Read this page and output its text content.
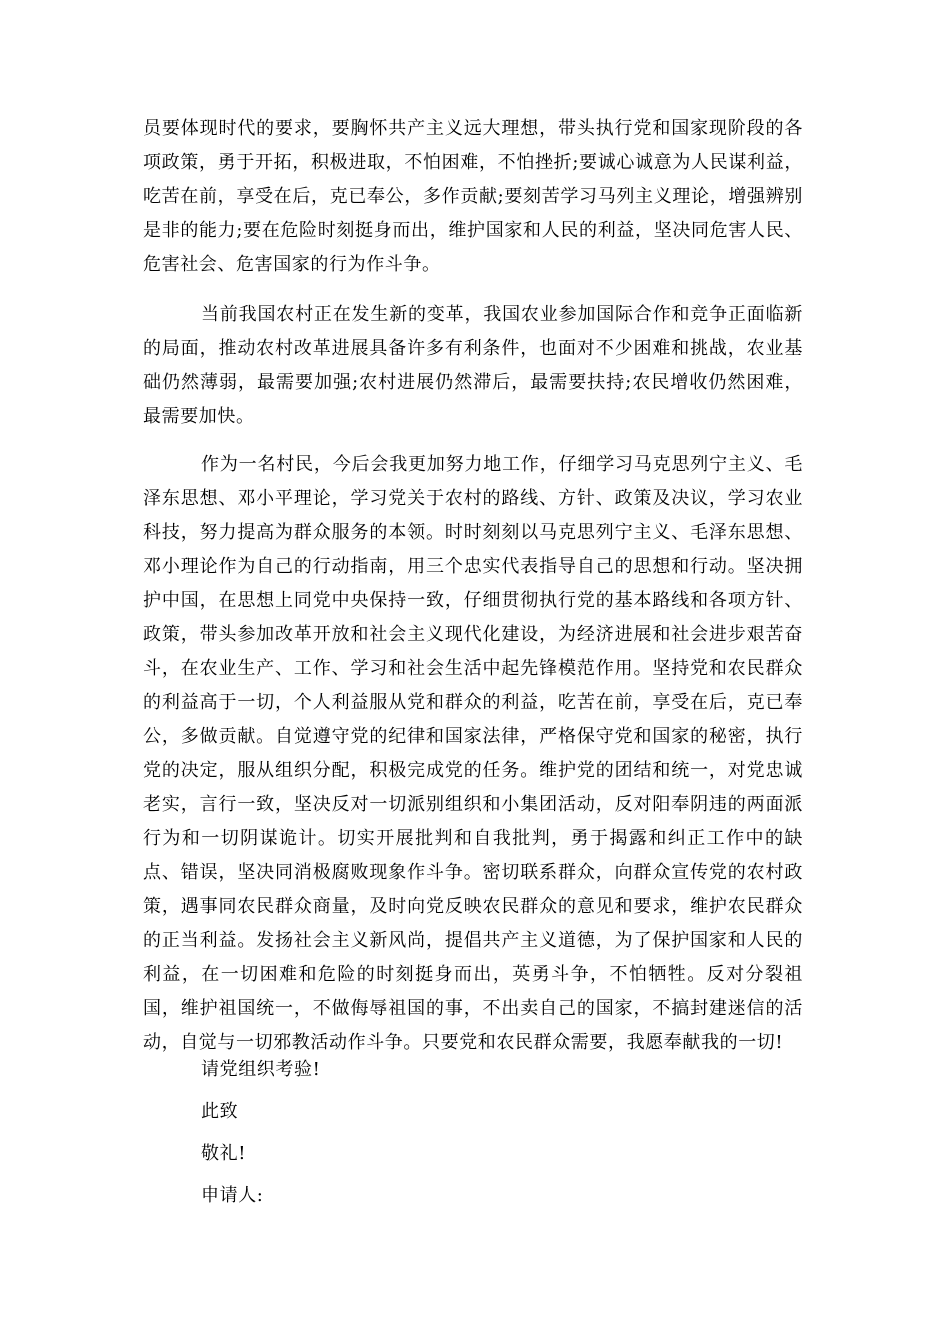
员要体现时代的要求，要胸怀共产主义远大理想，带头执行党和国家现阶段的各项政策，勇于开拓，积极进取，不怕困难，不怕挫折;要诚心诚意为人民谋利益，吃苦在前，享受在后，克已奉公，多作贡献;要刻苦学习马列主义理论，增强辨别是非的能力;要在危险时刻挺身而出，维护国家和人民的利益，坚决同危害人民、危害社会、危害国家的行为作斗争。

当前我国农村正在发生新的变革，我国农业参加国际合作和竞争正面临新的局面，推动农村改革进展具备许多有利条件，也面对不少困难和挑战，农业基础仍然薄弱，最需要加强;农村进展仍然滞后，最需要扶持;农民增收仍然困难，最需要加快。

作为一名村民，今后会我更加努力地工作，仔细学习马克思列宁主义、毛泽东思想、邓小平理论，学习党关于农村的路线、方针、政策及决议，学习农业科技，努力提高为群众服务的本领。时时刻刻以马克思列宁主义、毛泽东思想、邓小理论作为自己的行动指南，用三个忠实代表指导自己的思想和行动。坚决拥护中国，在思想上同党中央保持一致，仔细贯彻执行党的基本路线和各项方针、政策，带头参加改革开放和社会主义现代化建设，为经济进展和社会进步艰苦奋斗，在农业生产、工作、学习和社会生活中起先锋模范作用。坚持党和农民群众的利益高于一切，个人利益服从党和群众的利益，吃苦在前，享受在后，克已奉公，多做贡献。自觉遵守党的纪律和国家法律，严格保守党和国家的秘密，执行党的决定，服从组织分配，积极完成党的任务。维护党的团结和统一，对党忠诚老实，言行一致，坚决反对一切派别组织和小集团活动，反对阳奉阴违的两面派行为和一切阴谋诡计。切实开展批判和自我批判，勇于揭露和纠正工作中的缺点、错误，坚决同消极腐败现象作斗争。密切联系群众，向群众宣传党的农村政策，遇事同农民群众商量，及时向党反映农民群众的意见和要求，维护农民群众的正当利益。发扬社会主义新风尚，提倡共产主义道德，为了保护国家和人民的利益，在一切困难和危险的时刻挺身而出，英勇斗争，不怕牺牲。反对分裂祖国，维护祖国统一，不做侮辱祖国的事，不出卖自己的国家，不搞封建迷信的活动，自觉与一切邪教活动作斗争。只要党和农民群众需要，我愿奉献我的一切!

请党组织考验!
此致
敬礼!
申请人:
